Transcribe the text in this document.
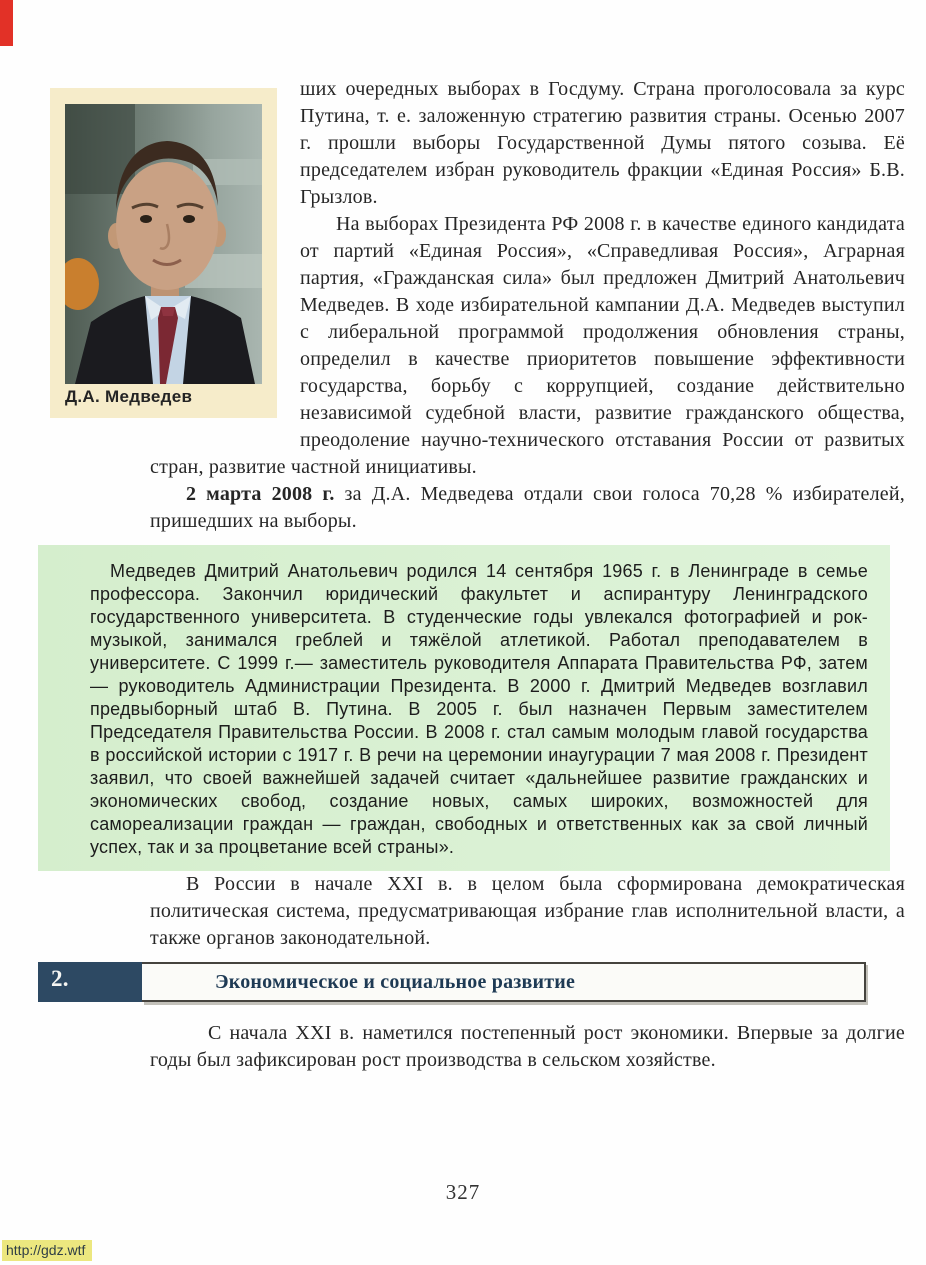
Д.А. Медведев

ших очередных выборах в Госдуму. Страна проголосовала за курс Путина, т. е. заложенную стратегию развития страны. Осенью 2007 г. прошли выборы Государственной Думы пятого созыва. Её председателем избран руководитель фракции «Единая Россия» Б.В. Грызлов.

На выборах Президента РФ 2008 г. в качестве единого кандидата от партий «Единая Россия», «Справедливая Россия», Аграрная партия, «Гражданская сила» был предложен Дмитрий Анатольевич Медведев. В ходе избирательной кампании Д.А. Медведев выступил с либеральной программой продолжения обновления страны, определил в качестве приоритетов повышение эффективности государства, борьбу с коррупцией, создание действительно независимой судебной власти, развитие гражданского общества, преодоление научно-технического отставания России от развитых стран, развитие частной инициативы.

2 марта 2008 г. за Д.А. Медведева отдали свои голоса 70,28 % избирателей, пришедших на выборы.

Медведев Дмитрий Анатольевич родился 14 сентября 1965 г. в Ленинграде в семье профессора. Закончил юридический факультет и аспирантуру Ленинградского государственного университета. В студенческие годы увлекался фотографией и рок-музыкой, занимался греблей и тяжёлой атлетикой. Работал преподавателем в университете. С 1999 г.— заместитель руководителя Аппарата Правительства РФ, затем — руководитель Администрации Президента. В 2000 г. Дмитрий Медведев возглавил предвыборный штаб В. Путина. В 2005 г. был назначен Первым заместителем Председателя Правительства России. В 2008 г. стал самым молодым главой государства в российской истории с 1917 г. В речи на церемонии инаугурации 7 мая 2008 г. Президент заявил, что своей важнейшей задачей считает «дальнейшее развитие гражданских и экономических свобод, создание новых, самых широких, возможностей для самореализации граждан — граждан, свободных и ответственных как за свой личный успех, так и за процветание всей страны».

В России в начале XXI в. в целом была сформирована демократическая политическая система, предусматривающая избрание глав исполнительной власти, а также органов законодательной.

2.	Экономическое и социальное развитие

С начала XXI в. наметился постепенный рост экономики. Впервые за долгие годы был зафиксирован рост производства в сельском хозяйстве.

327
http://gdz.wtf
